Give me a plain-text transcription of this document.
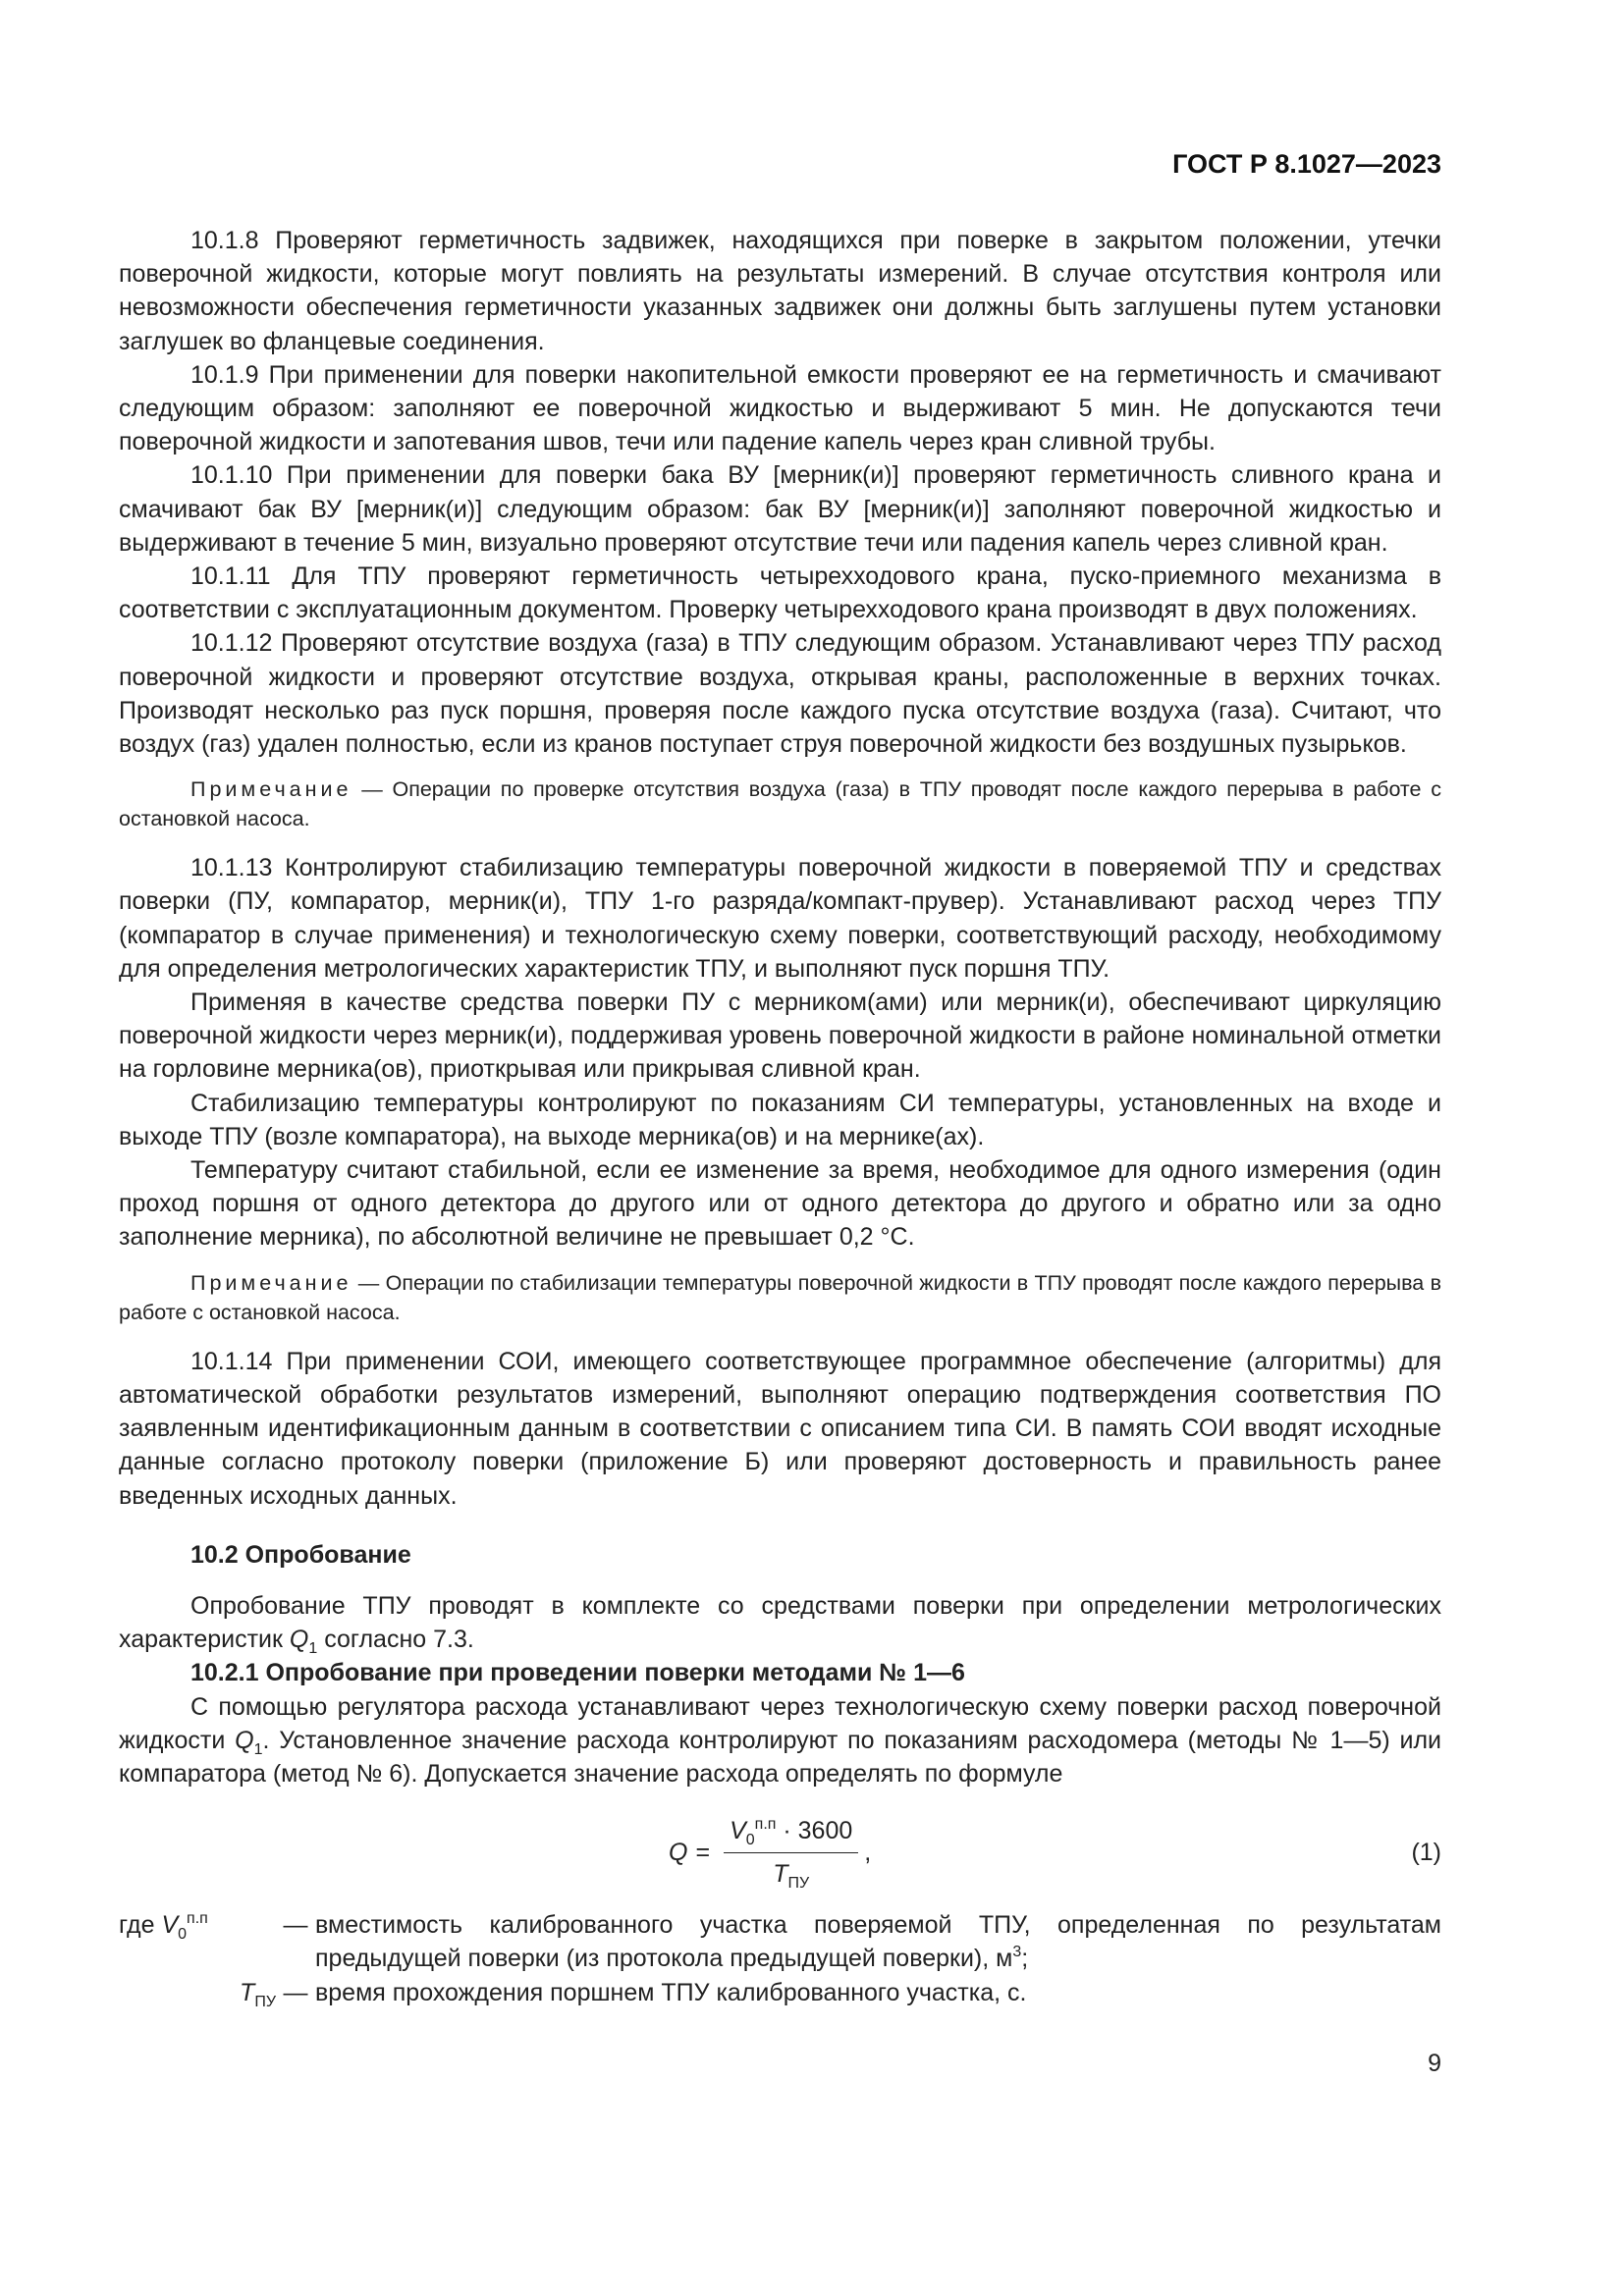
ГОСТ Р 8.1027—2023

10.1.8 Проверяют герметичность задвижек, находящихся при поверке в закрытом положении, утечки поверочной жидкости, которые могут повлиять на результаты измерений. В случае отсутствия контроля или невозможности обеспечения герметичности указанных задвижек они должны быть заглушены путем установки заглушек во фланцевые соединения.

10.1.9 При применении для поверки накопительной емкости проверяют ее на герметичность и смачивают следующим образом: заполняют ее поверочной жидкостью и выдерживают 5 мин. Не допускаются течи поверочной жидкости и запотевания швов, течи или падение капель через кран сливной трубы.

10.1.10 При применении для поверки бака ВУ [мерник(и)] проверяют герметичность сливного крана и смачивают бак ВУ [мерник(и)] следующим образом: бак ВУ [мерник(и)] заполняют поверочной жидкостью и выдерживают в течение 5 мин, визуально проверяют отсутствие течи или падения капель через сливной кран.

10.1.11 Для ТПУ проверяют герметичность четырехходового крана, пуско-приемного механизма в соответствии с эксплуатационным документом. Проверку четырехходового крана производят в двух положениях.

10.1.12 Проверяют отсутствие воздуха (газа) в ТПУ следующим образом. Устанавливают через ТПУ расход поверочной жидкости и проверяют отсутствие воздуха, открывая краны, расположенные в верхних точках. Производят несколько раз пуск поршня, проверяя после каждого пуска отсутствие воздуха (газа). Считают, что воздух (газ) удален полностью, если из кранов поступает струя поверочной жидкости без воздушных пузырьков.

Примечание — Операции по проверке отсутствия воздуха (газа) в ТПУ проводят после каждого перерыва в работе с остановкой насоса.

10.1.13 Контролируют стабилизацию температуры поверочной жидкости в поверяемой ТПУ и средствах поверки (ПУ, компаратор, мерник(и), ТПУ 1-го разряда/компакт-прувер). Устанавливают расход через ТПУ (компаратор в случае применения) и технологическую схему поверки, соответствующий расходу, необходимому для определения метрологических характеристик ТПУ, и выполняют пуск поршня ТПУ.

Применяя в качестве средства поверки ПУ с мерником(ами) или мерник(и), обеспечивают циркуляцию поверочной жидкости через мерник(и), поддерживая уровень поверочной жидкости в районе номинальной отметки на горловине мерника(ов), приоткрывая или прикрывая сливной кран.

Стабилизацию температуры контролируют по показаниям СИ температуры, установленных на входе и выходе ТПУ (возле компаратора), на выходе мерника(ов) и на мернике(ах).

Температуру считают стабильной, если ее изменение за время, необходимое для одного измерения (один проход поршня от одного детектора до другого или от одного детектора до другого и обратно или за одно заполнение мерника), по абсолютной величине не превышает 0,2 °С.

Примечание — Операции по стабилизации температуры поверочной жидкости в ТПУ проводят после каждого перерыва в работе с остановкой насоса.

10.1.14 При применении СОИ, имеющего соответствующее программное обеспечение (алгоритмы) для автоматической обработки результатов измерений, выполняют операцию подтверждения соответствия ПО заявленным идентификационным данным в соответствии с описанием типа СИ. В память СОИ вводят исходные данные согласно протоколу поверки (приложение Б) или проверяют достоверность и правильность ранее введенных исходных данных.

10.2 Опробование

Опробование ТПУ проводят в комплекте со средствами поверки при определении метрологических характеристик $Q_1$ согласно 7.3.

10.2.1 Опробование при проведении поверки методами № 1—6

С помощью регулятора расхода устанавливают через технологическую схему поверки расход поверочной жидкости $Q_1$. Установленное значение расхода контролируют по показаниям расходомера (методы № 1—5) или компаратора (метод № 6). Допускается значение расхода определять по формуле

$Q = \frac{V_0^{п.п} \cdot 3600}{T_{ПУ}}$ ,	(1)
где $V_0^{п.п}$	— вместимость калиброванного участка поверяемой ТПУ, определенная по результатам предыдущей поверки (из протокола предыдущей поверки), $м^3$;
$T_{ПУ}$ — время прохождения поршнем ТПУ калиброванного участка, с.
9
